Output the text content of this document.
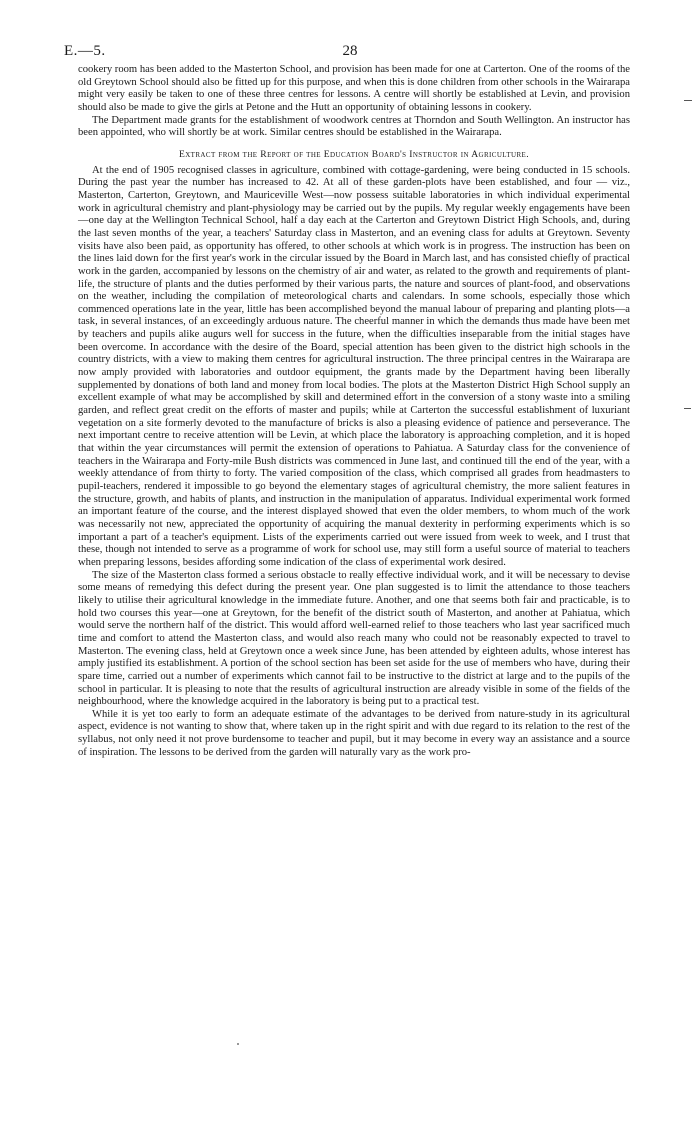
E.—5.	28

cookery room has been added to the Masterton School, and provision has been made for one at Carterton. One of the rooms of the old Greytown School should also be fitted up for this purpose, and when this is done children from other schools in the Wairarapa might very easily be taken to one of these three centres for lessons. A centre will shortly be established at Levin, and provision should also be made to give the girls at Petone and the Hutt an opportunity of obtaining lessons in cookery.

The Department made grants for the establishment of woodwork centres at Thorndon and South Wellington. An instructor has been appointed, who will shortly be at work. Similar centres should be established in the Wairarapa.

Extract from the Report of the Education Board's Instructor in Agriculture.

At the end of 1905 recognised classes in agriculture, combined with cottage-gardening, were being conducted in 15 schools. During the past year the number has increased to 42. At all of these garden-plots have been established, and four — viz., Masterton, Carterton, Greytown, and Mauriceville West—now possess suitable laboratories in which individual experimental work in agricultural chemistry and plant-physiology may be carried out by the pupils. My regular weekly engagements have been—one day at the Wellington Technical School, half a day each at the Carterton and Greytown District High Schools, and, during the last seven months of the year, a teachers' Saturday class in Masterton, and an evening class for adults at Greytown. Seventy visits have also been paid, as opportunity has offered, to other schools at which work is in progress. The instruction has been on the lines laid down for the first year's work in the circular issued by the Board in March last, and has consisted chiefly of practical work in the garden, accompanied by lessons on the chemistry of air and water, as related to the growth and requirements of plant-life, the structure of plants and the duties performed by their various parts, the nature and sources of plant-food, and observations on the weather, including the compilation of meteorological charts and calendars. In some schools, especially those which commenced operations late in the year, little has been accomplished beyond the manual labour of preparing and planting plots—a task, in several instances, of an exceedingly arduous nature. The cheerful manner in which the demands thus made have been met by teachers and pupils alike augurs well for success in the future, when the difficulties inseparable from the initial stages have been overcome. In accordance with the desire of the Board, special attention has been given to the district high schools in the country districts, with a view to making them centres for agricultural instruction. The three principal centres in the Wairarapa are now amply provided with laboratories and outdoor equipment, the grants made by the Department having been liberally supplemented by donations of both land and money from local bodies. The plots at the Masterton District High School supply an excellent example of what may be accomplished by skill and determined effort in the conversion of a stony waste into a smiling garden, and reflect great credit on the efforts of master and pupils; while at Carterton the successful establishment of luxuriant vegetation on a site formerly devoted to the manufacture of bricks is also a pleasing evidence of patience and perseverance. The next important centre to receive attention will be Levin, at which place the laboratory is approaching completion, and it is hoped that within the year circumstances will permit the extension of operations to Pahiatua. A Saturday class for the convenience of teachers in the Wairarapa and Forty-mile Bush districts was commenced in June last, and continued till the end of the year, with a weekly attendance of from thirty to forty. The varied composition of the class, which comprised all grades from headmasters to pupil-teachers, rendered it impossible to go beyond the elementary stages of agricultural chemistry, the more salient features in the structure, growth, and habits of plants, and instruction in the manipulation of apparatus. Individual experimental work formed an important feature of the course, and the interest displayed showed that even the older members, to whom much of the work was necessarily not new, appreciated the opportunity of acquiring the manual dexterity in performing experiments which is so important a part of a teacher's equipment. Lists of the experiments carried out were issued from week to week, and I trust that these, though not intended to serve as a programme of work for school use, may still form a useful source of material to teachers when preparing lessons, besides affording some indication of the class of experimental work desired.

The size of the Masterton class formed a serious obstacle to really effective individual work, and it will be necessary to devise some means of remedying this defect during the present year. One plan suggested is to limit the attendance to those teachers likely to utilise their agricultural knowledge in the immediate future. Another, and one that seems both fair and practicable, is to hold two courses this year—one at Greytown, for the benefit of the district south of Masterton, and another at Pahiatua, which would serve the northern half of the district. This would afford well-earned relief to those teachers who last year sacrificed much time and comfort to attend the Masterton class, and would also reach many who could not be reasonably expected to travel to Masterton. The evening class, held at Greytown once a week since June, has been attended by eighteen adults, whose interest has amply justified its establishment. A portion of the school section has been set aside for the use of members who have, during their spare time, carried out a number of experiments which cannot fail to be instructive to the district at large and to the pupils of the school in particular. It is pleasing to note that the results of agricultural instruction are already visible in some of the fields of the neighbourhood, where the knowledge acquired in the laboratory is being put to a practical test.

While it is yet too early to form an adequate estimate of the advantages to be derived from nature-study in its agricultural aspect, evidence is not wanting to show that, where taken up in the right spirit and with due regard to its relation to the rest of the syllabus, not only need it not prove burdensome to teacher and pupil, but it may become in every way an assistance and a source of inspiration. The lessons to be derived from the garden will naturally vary as the work pro-
